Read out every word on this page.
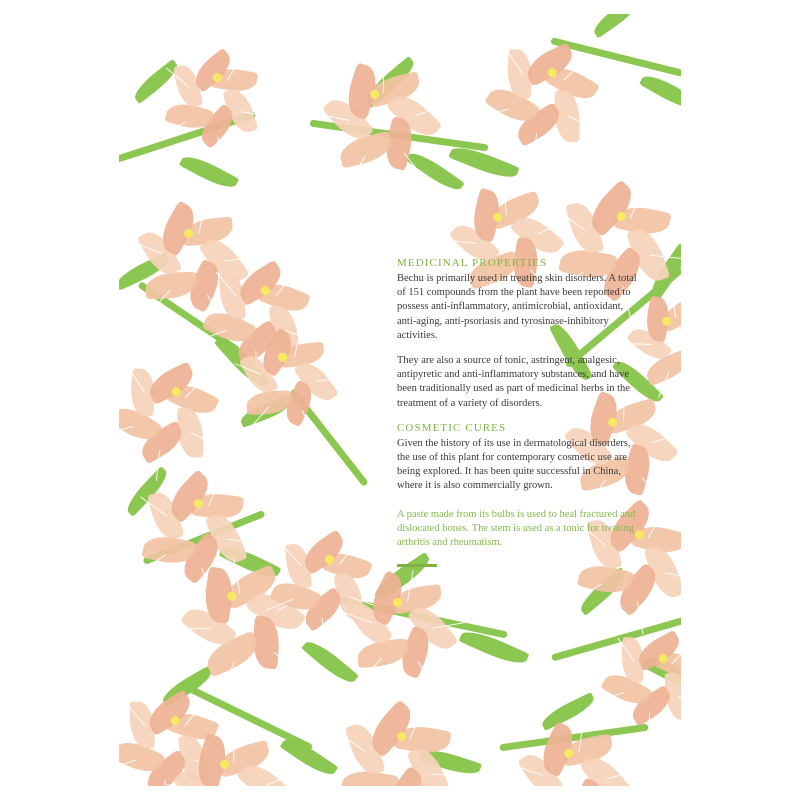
MEDICINAL PROPERTIES

Bechu is primarily used in treating skin disorders. A total of 151 compounds from the plant have been reported to possess anti-inflammatory, antimicrobial, antioxidant, anti-aging, anti-psoriasis and tyrosinase-inhibitory activities.

They are also a source of tonic, astringent, analgesic, antipyretic and anti-inflammatory substances, and have been traditionally used as part of medicinal herbs in the treatment of a variety of disorders.

COSMETIC CURES

Given the history of its use in dermatological disorders, the use of this plant for contemporary cosmetic use are being explored. It has been quite successful in China, where it is also commercially grown.

A paste made from its bulbs is used to heal fractured and dislocated bones. The stem is used as a tonic for treating arthritis and rheumatism.
